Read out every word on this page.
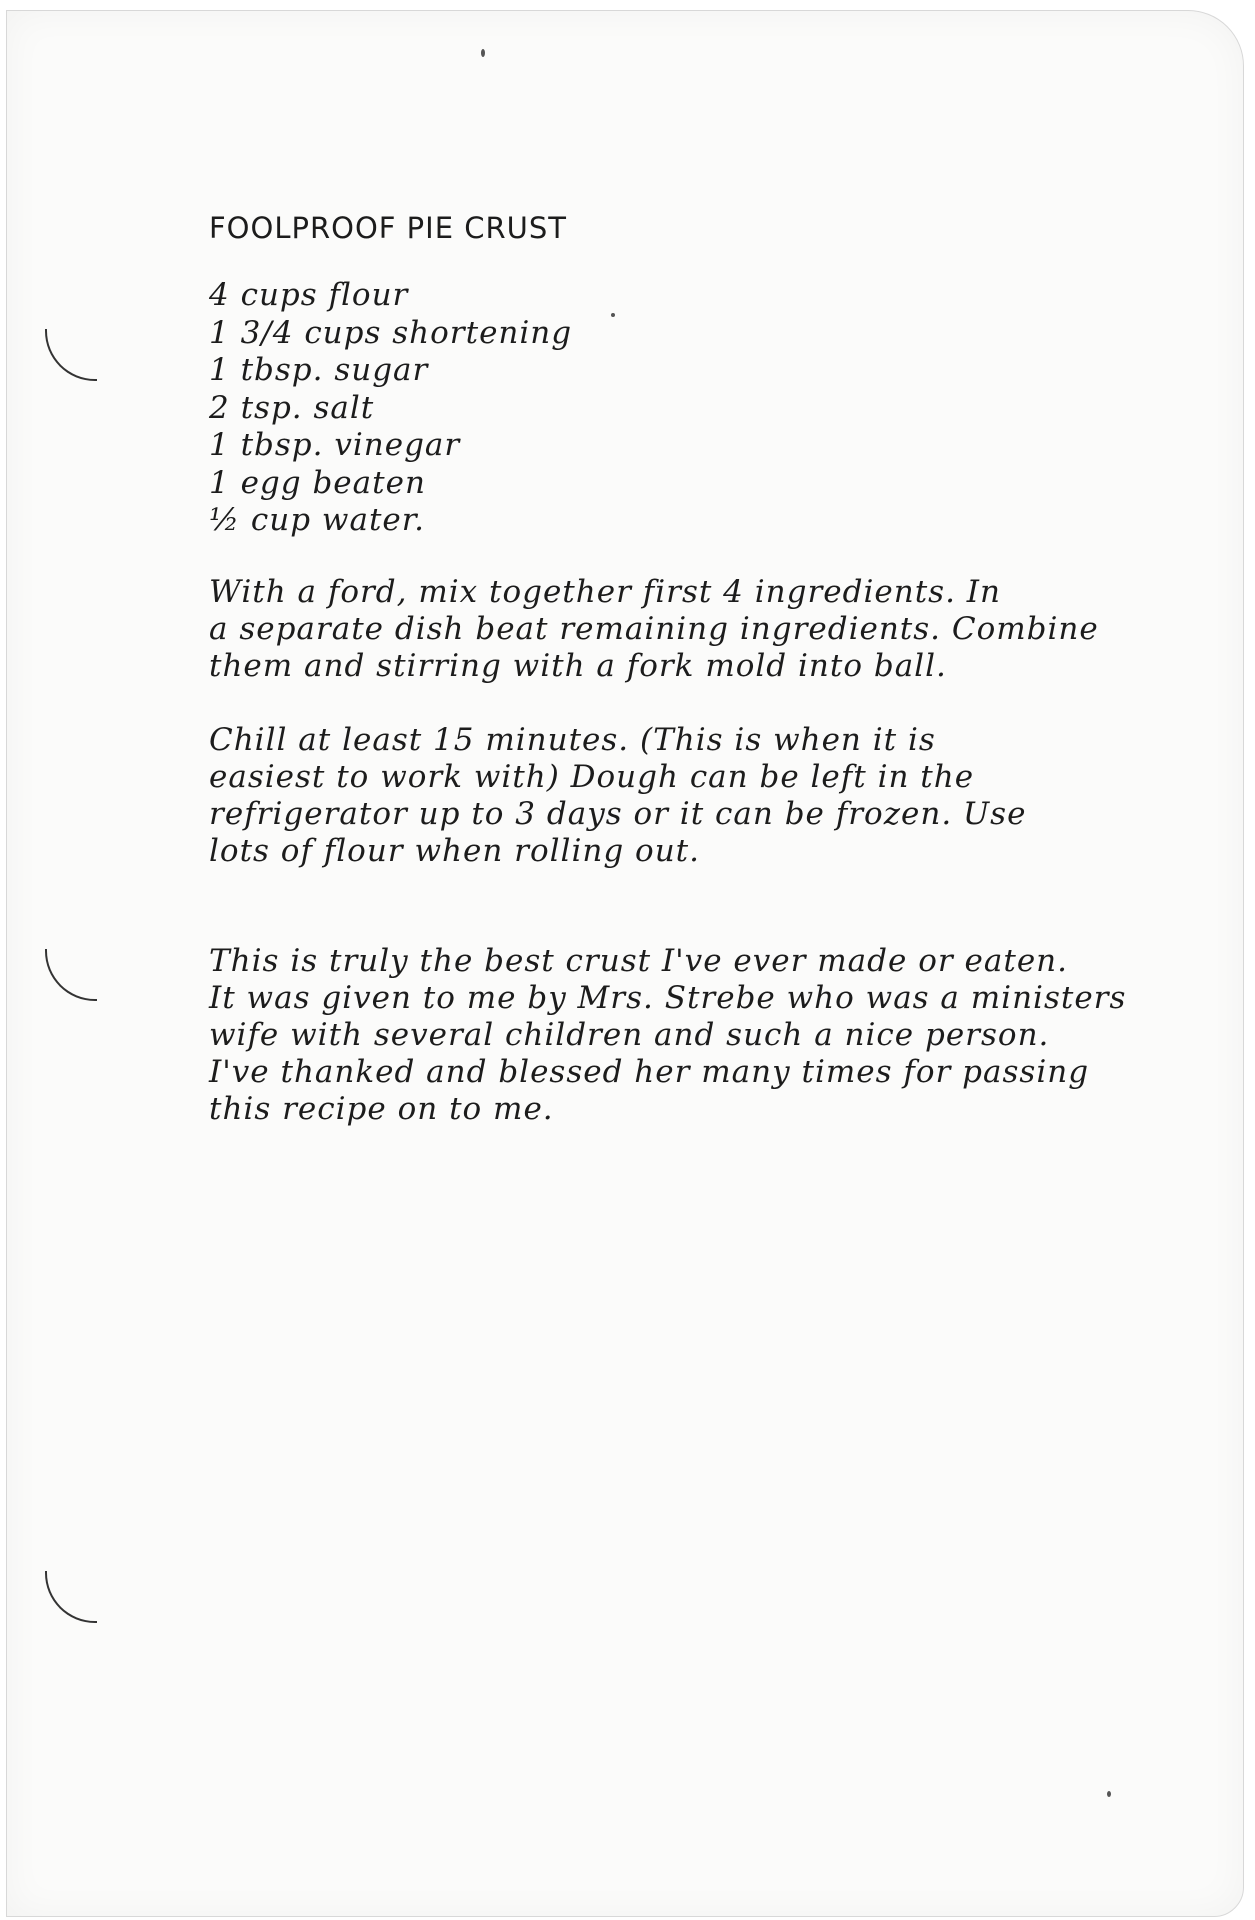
FOOLPROOF PIE CRUST
4 cups flour
1 3/4 cups shortening
1 tbsp. sugar
2 tsp. salt
1 tbsp. vinegar
1 egg beaten
½ cup water.

With a ford, mix together first 4 ingredients. In
a separate dish beat remaining ingredients. Combine
them and stirring with a fork mold into ball.

Chill at least 15 minutes. (This is when it is
easiest to work with) Dough can be left in the
refrigerator up to 3 days or it can be frozen. Use
lots of flour when rolling out.

This is truly the best crust I've ever made or eaten.
It was given to me by Mrs. Strebe who was a ministers
wife with several children and such a nice person.
I've thanked and blessed her many times for passing
this recipe on to me.
